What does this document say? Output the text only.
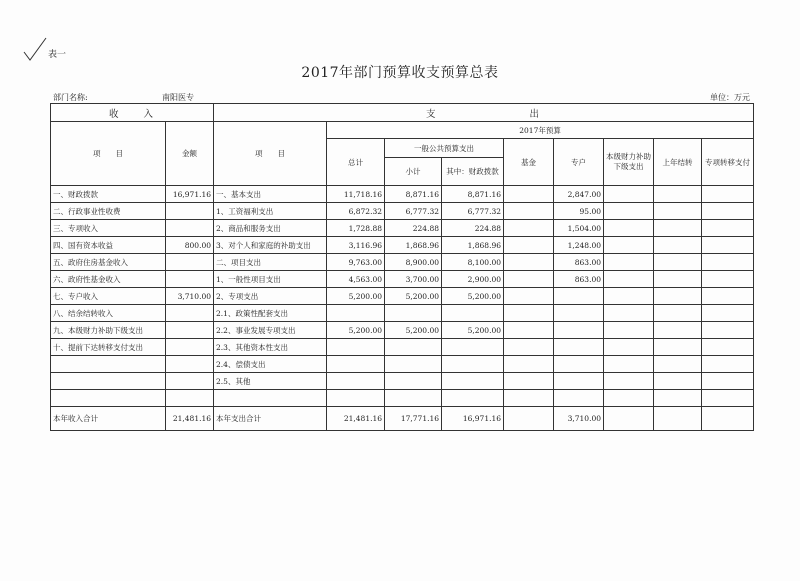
表一
2017年部门预算收支预算总表
部门名称:	南阳医专	单位：万元
收　　入		支　　　　　　　　出								
项　　目	金额	项　　目	2017年预算							
			总计	一般公共预算支出		基金	专户	本级财力补助下级支出	上年结转	专项转移支付
				小计	其中：财政拨款					
一、财政拨款	16,971.16	一、基本支出	11,718.16	8,871.16	8,871.16		2,847.00			
二、行政事业性收费		1、工资福利支出	6,872.32	6,777.32	6,777.32		95.00			
三、专项收入		2、商品和服务支出	1,728.88	224.88	224.88		1,504.00			
四、国有资本收益	800.00	3、对个人和家庭的补助支出	3,116.96	1,868.96	1,868.96		1,248.00			
五、政府住房基金收入		二、项目支出	9,763.00	8,900.00	8,100.00		863.00			
六、政府性基金收入		1、一般性项目支出	4,563.00	3,700.00	2,900.00		863.00			
七、专户收入	3,710.00	2、专项支出	5,200.00	5,200.00	5,200.00					
八、结余结转收入		2.1、政策性配套支出								
九、本级财力补助下级支出		2.2、事业发展专项支出	5,200.00	5,200.00	5,200.00					
十、提前下达转移支付支出		2.3、其他资本性支出								
		2.4、偿债支出								
		2.5、其他								

本年收入合计	21,481.16	本年支出合计	21,481.16	17,771.16	16,971.16		3,710.00			
